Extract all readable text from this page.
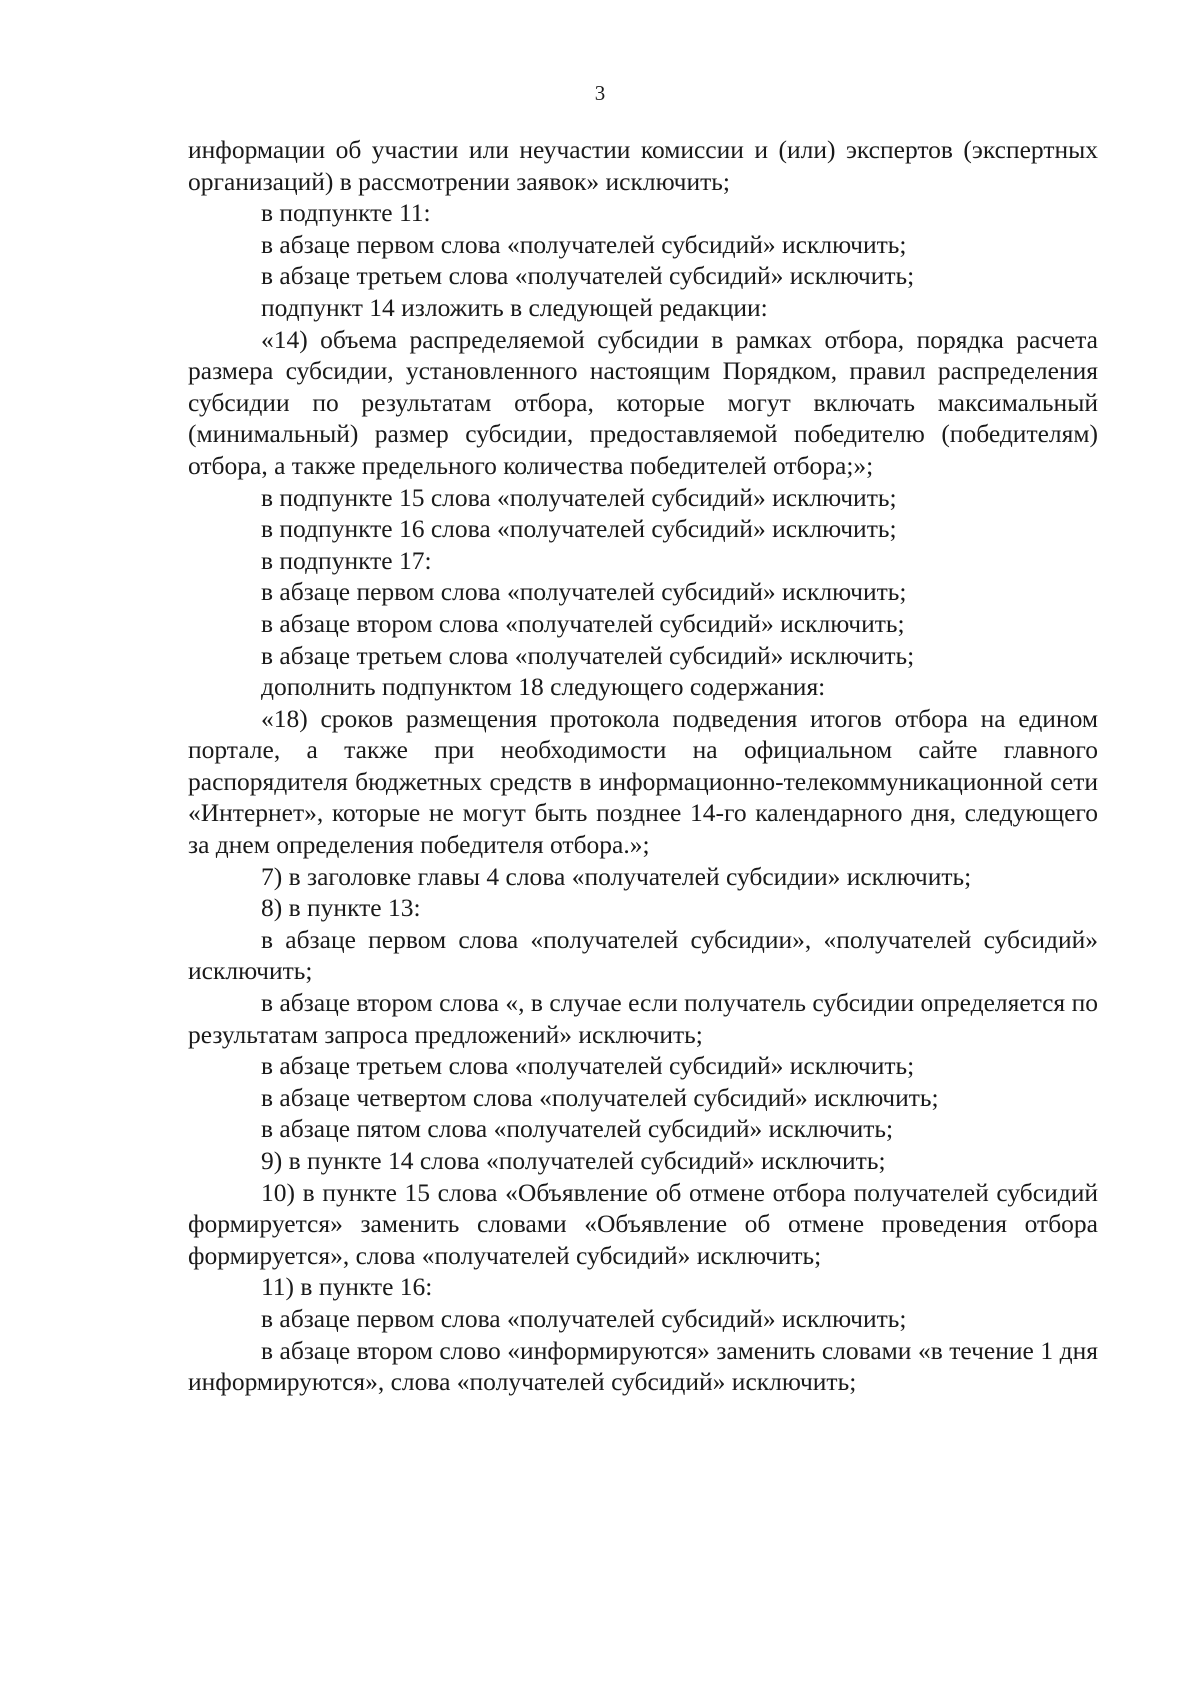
3

информации об участии или неучастии комиссии и (или) экспертов (экспертных организаций) в рассмотрении заявок» исключить;

в подпункте 11:

в абзаце первом слова «получателей субсидий» исключить;

в абзаце третьем слова «получателей субсидий» исключить;

подпункт 14 изложить в следующей редакции:

«14) объема распределяемой субсидии в рамках отбора, порядка расчета размера субсидии, установленного настоящим Порядком, правил распределения субсидии по результатам отбора, которые могут включать максимальный (минимальный) размер субсидии, предоставляемой победителю (победителям) отбора, а также предельного количества победителей отбора;»;

в подпункте 15 слова «получателей субсидий» исключить;

в подпункте 16 слова «получателей субсидий» исключить;

в подпункте 17:

в абзаце первом слова «получателей субсидий» исключить;

в абзаце втором слова «получателей субсидий» исключить;

в абзаце третьем слова «получателей субсидий» исключить;

дополнить подпунктом 18 следующего содержания:

«18) сроков размещения протокола подведения итогов отбора на едином портале, а также при необходимости на официальном сайте главного распорядителя бюджетных средств в информационно-телекоммуникационной сети «Интернет», которые не могут быть позднее 14-го календарного дня, следующего за днем определения победителя отбора.»;

7) в заголовке главы 4 слова «получателей субсидии» исключить;

8) в пункте 13:

в абзаце первом слова «получателей субсидии», «получателей субсидий» исключить;

в абзаце втором слова «, в случае если получатель субсидии определяется по результатам запроса предложений» исключить;

в абзаце третьем слова «получателей субсидий» исключить;

в абзаце четвертом слова «получателей субсидий» исключить;

в абзаце пятом слова «получателей субсидий» исключить;

9) в пункте 14 слова «получателей субсидий» исключить;

10) в пункте 15 слова «Объявление об отмене отбора получателей субсидий формируется» заменить словами «Объявление об отмене проведения отбора формируется», слова «получателей субсидий» исключить;

11) в пункте 16:

в абзаце первом слова «получателей субсидий» исключить;

в абзаце втором слово «информируются» заменить словами «в течение 1 дня информируются», слова «получателей субсидий» исключить;
